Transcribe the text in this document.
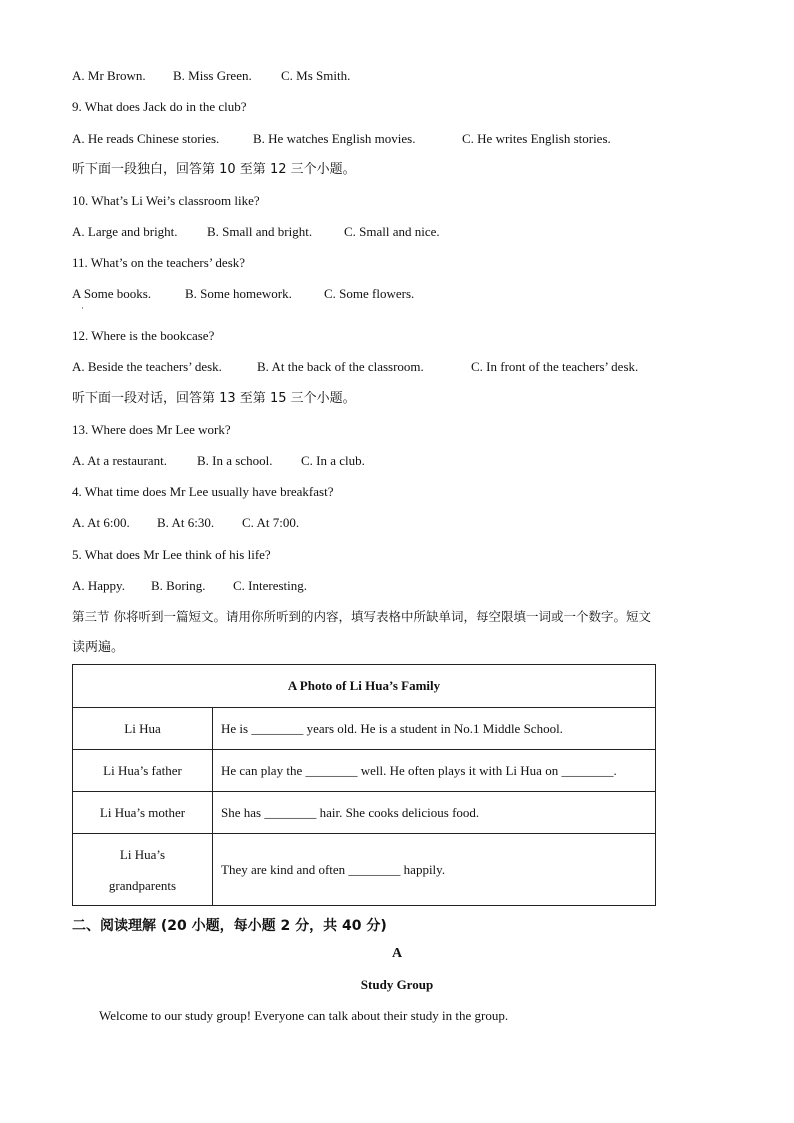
A. Mr Brown. B. Miss Green. C. Ms Smith.
9. What does Jack do in the club?
A. He reads Chinese stories.	B. He watches English movies.	C. He writes English stories.
听下面一段独白，回答第 10 至第 12 三个小题。
10. What’s Li Wei’s classroom like?
A. Large and bright. B. Small and bright. C. Small and nice.
11. What’s on the teachers’ desk?
A Some books.	B. Some homework. C. Some flowers.
·
12. Where is the bookcase?
A. Beside the teachers’ desk.	B. At the back of the classroom.	C. In front of the teachers’ desk.
听下面一段对话，回答第 13 至第 15 三个小题。
13. Where does Mr Lee work?
A. At a restaurant. B. In a school. C. In a club.
4. What time does Mr Lee usually have breakfast?
A. At 6:00. B. At 6:30. C. At 7:00.
5. What does Mr Lee think of his life?
A. Happy. B. Boring. C. Interesting.
第三节 你将听到一篇短文。请用你所听到的内容，填写表格中所缺单词，每空限填一词或一个数字。短文
读两遍。
A Photo of Li Hua’s Family	
Li Hua	He is ________ years old. He is a student in No.1 Middle School.
Li Hua’s father	He can play the ________ well. He often plays it with Li Hua on ________.
Li Hua’s mother	She has ________ hair. She cooks delicious food.

Li Hua’s
grandparents	They are kind and often ________ happily.
二、阅读理解 (20 小题，每小题 2 分，共 40 分)
A
Study Group
Welcome to our study group! Everyone can talk about their study in the group.
